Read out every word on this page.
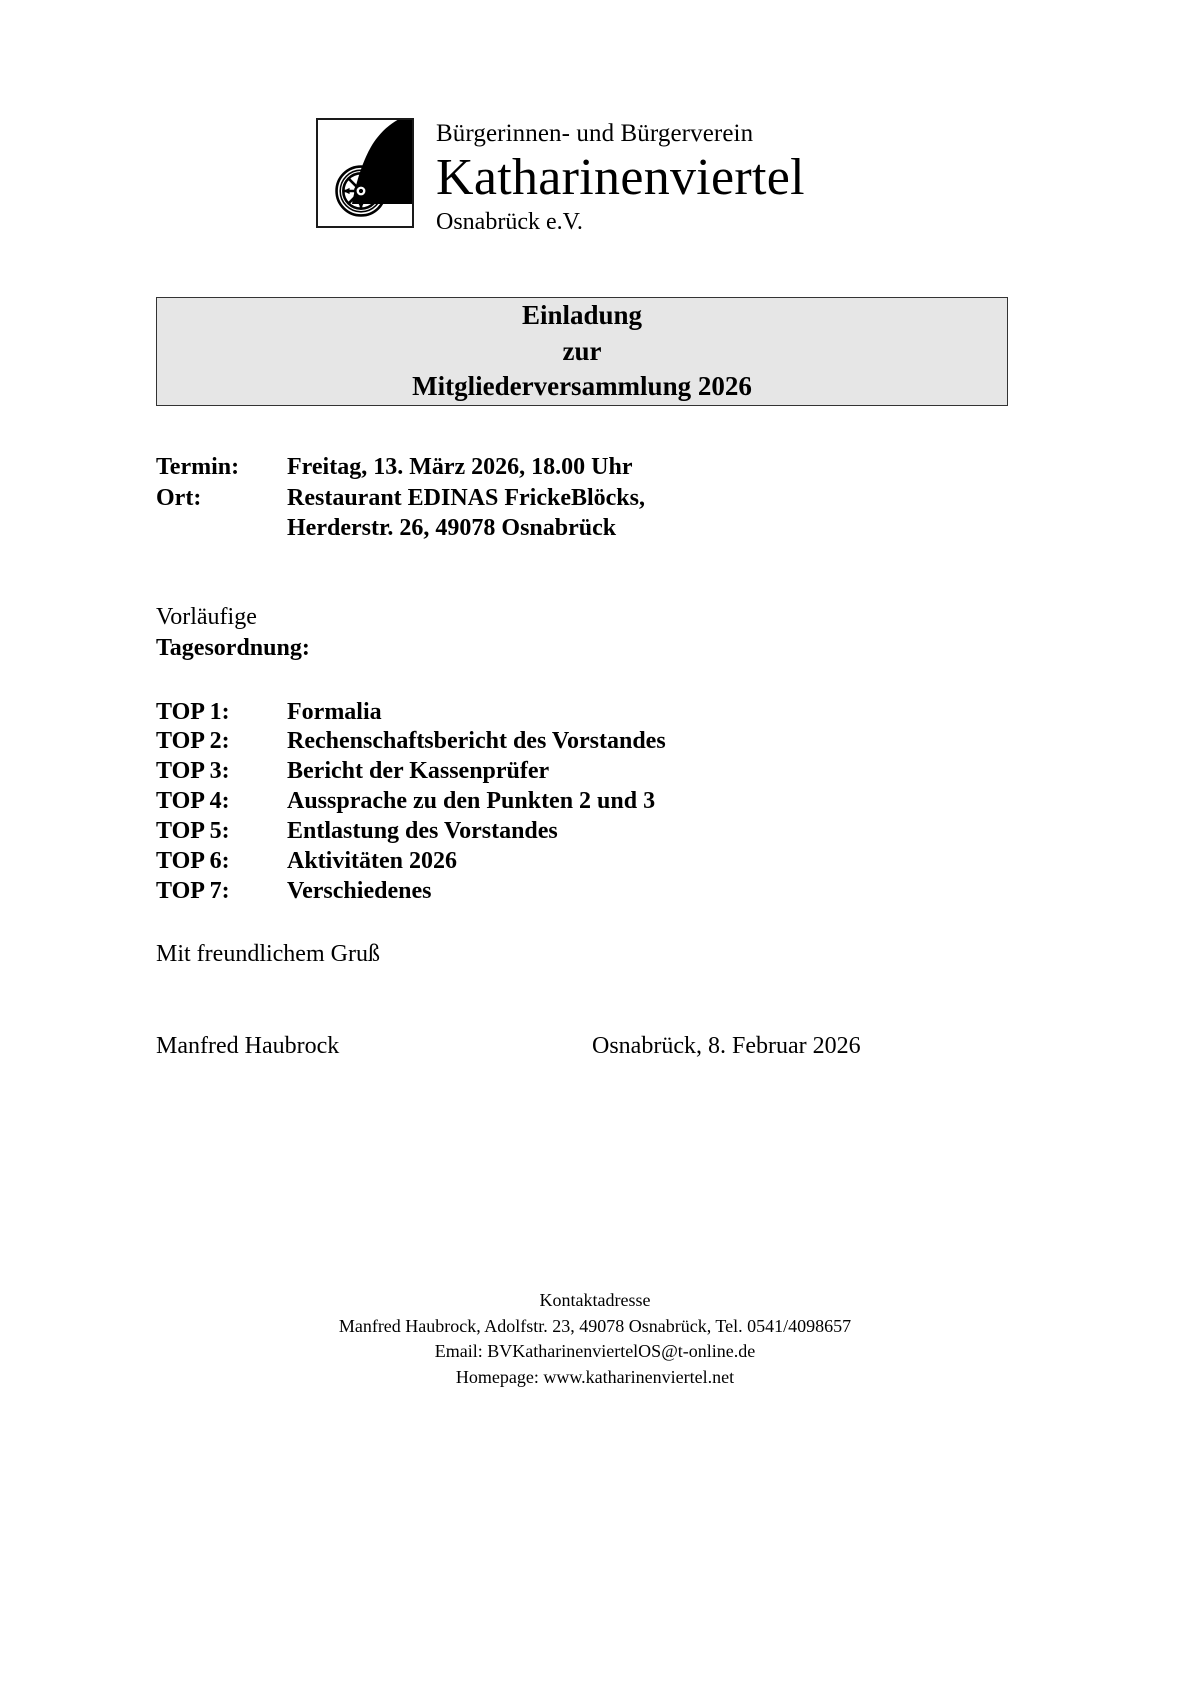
Bürgerinnen- und Bürgerverein
Katharinenviertel
Osnabrück e.V.
Einladung
zur
Mitgliederversammlung 2026
Termin:	Freitag, 13. März 2026, 18.00 Uhr
Ort:	Restaurant EDINAS FrickeBlöcks,
Herderstr. 26, 49078 Osnabrück
Vorläufige
Tagesordnung:
TOP 1:	Formalia
TOP 2:	Rechenschaftsbericht des Vorstandes
TOP 3:	Bericht der Kassenprüfer
TOP 4:	Aussprache zu den Punkten 2 und 3
TOP 5:	Entlastung des Vorstandes
TOP 6:	Aktivitäten 2026
TOP 7:	Verschiedenes
Mit freundlichem Gruß
Manfred Haubrock	Osnabrück, 8. Februar 2026
Kontaktadresse
Manfred Haubrock, Adolfstr. 23, 49078 Osnabrück, Tel. 0541/4098657
Email: BVKatharinenviertelOS@t-online.de
Homepage: www.katharinenviertel.net
